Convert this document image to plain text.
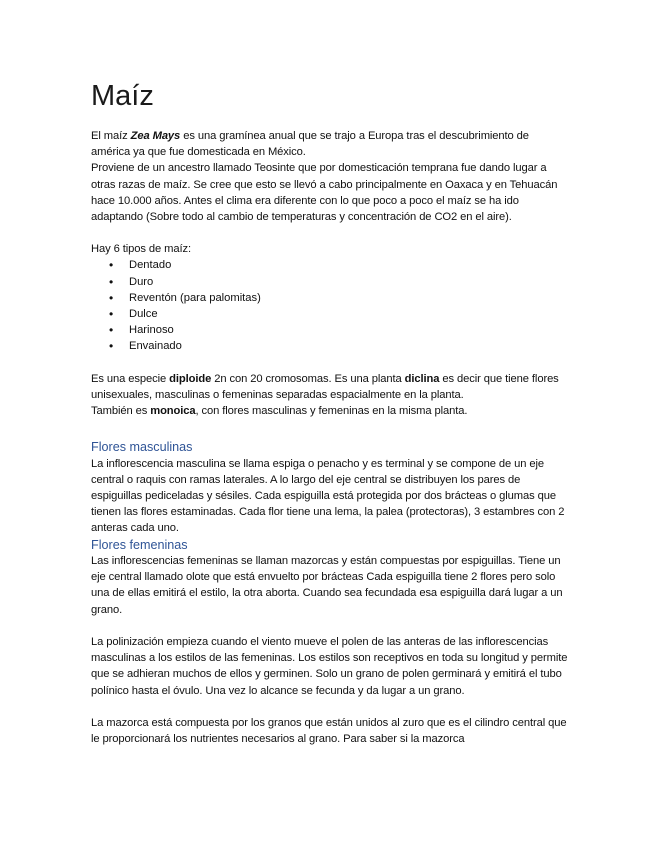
Maíz

El maíz Zea Mays es una gramínea anual que se trajo a Europa tras el descubrimiento de américa ya que fue domesticada en México.

Proviene de un ancestro llamado Teosinte que por domesticación temprana fue dando lugar a otras razas de maíz. Se cree que esto se llevó a cabo principalmente en Oaxaca y en Tehuacán hace 10.000 años. Antes el clima era diferente con lo que poco a poco el maíz se ha ido adaptando (Sobre todo al cambio de temperaturas y concentración de CO2 en el aire).

Hay 6 tipos de maíz:

• Dentado
• Duro
• Reventón (para palomitas)
• Dulce
• Harinoso
• Envainado

Es una especie diploide 2n con 20 cromosomas. Es una planta diclina es decir que tiene flores unisexuales, masculinas o femeninas separadas espacialmente en la planta.

También es monoica, con flores masculinas y femeninas en la misma planta.

Flores masculinas

La inflorescencia masculina se llama espiga o penacho y es terminal y se compone de un eje central o raquis con ramas laterales. A lo largo del eje central se distribuyen los pares de espiguillas pediceladas y sésiles. Cada espiguilla está protegida por dos brácteas o glumas que tienen las flores estaminadas. Cada flor tiene una lema, la palea (protectoras), 3 estambres con 2 anteras cada uno.

Flores femeninas

Las inflorescencias femeninas se llaman mazorcas y están compuestas por espiguillas. Tiene un eje central llamado olote que está envuelto por brácteas Cada espiguilla tiene 2 flores pero solo una de ellas emitirá el estilo, la otra aborta. Cuando sea fecundada esa espiguilla dará lugar a un grano.

La polinización empieza cuando el viento mueve el polen de las anteras de las inflorescencias masculinas a los estilos de las femeninas. Los estilos son receptivos en toda su longitud y permite que se adhieran muchos de ellos y germinen. Solo un grano de polen germinará y emitirá el tubo polínico hasta el óvulo. Una vez lo alcance se fecunda y da lugar a un grano.

La mazorca está compuesta por los granos que están unidos al zuro que es el cilindro central que le proporcionará los nutrientes necesarios al grano. Para saber si la mazorca
